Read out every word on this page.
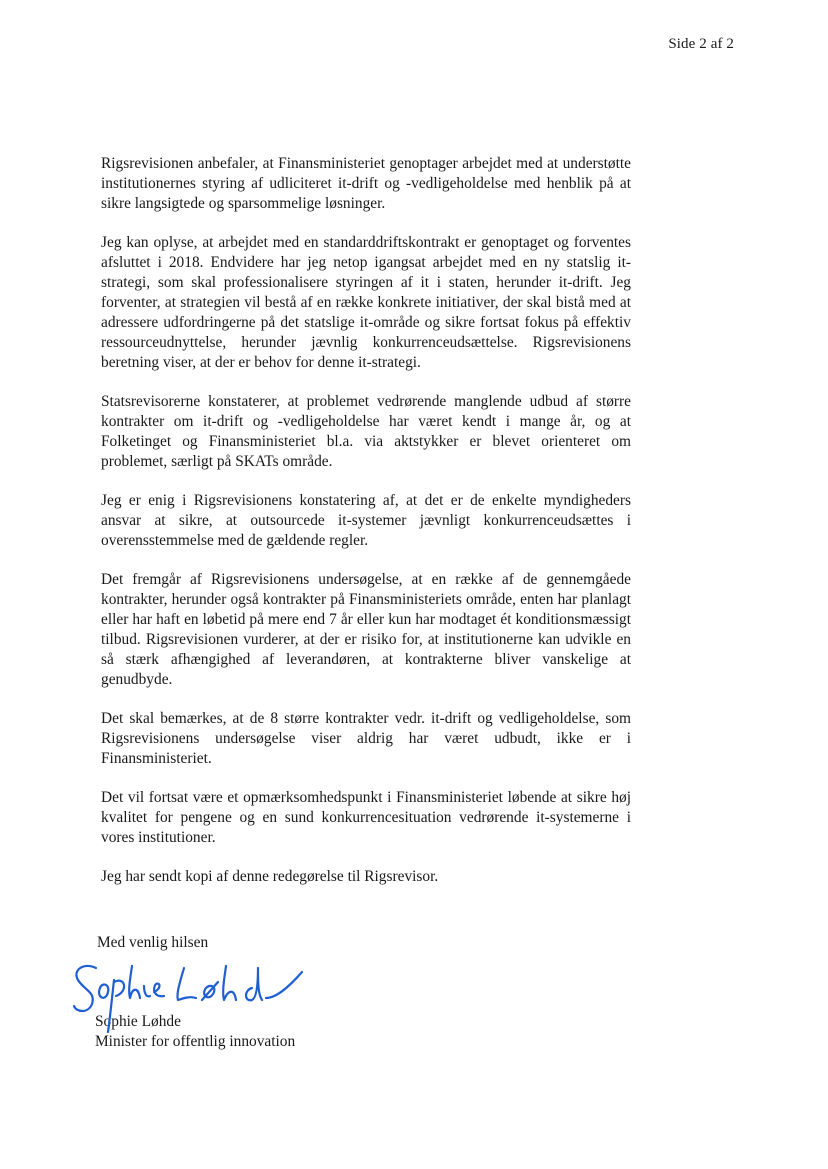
Side 2 af 2

Rigsrevisionen anbefaler, at Finansministeriet genoptager arbejdet med at understøtte institutionernes styring af udliciteret it-drift og -vedligeholdelse med henblik på at sikre langsigtede og sparsommelige løsninger.

Jeg kan oplyse, at arbejdet med en standarddriftskontrakt er genoptaget og forventes afsluttet i 2018. Endvidere har jeg netop igangsat arbejdet med en ny statslig it-strategi, som skal professionalisere styringen af it i staten, herunder it-drift. Jeg forventer, at strategien vil bestå af en række konkrete initiativer, der skal bistå med at adressere udfordringerne på det statslige it-område og sikre fortsat fokus på effektiv ressourceudnyttelse, herunder jævnlig konkurrenceudsættelse. Rigsrevisionens beretning viser, at der er behov for denne it-strategi.

Statsrevisorerne konstaterer, at problemet vedrørende manglende udbud af større kontrakter om it-drift og -vedligeholdelse har været kendt i mange år, og at Folketinget og Finansministeriet bl.a. via aktstykker er blevet orienteret om problemet, særligt på SKATs område.

Jeg er enig i Rigsrevisionens konstatering af, at det er de enkelte myndigheders ansvar at sikre, at outsourcede it-systemer jævnligt konkurrenceudsættes i overensstemmelse med de gældende regler.

Det fremgår af Rigsrevisionens undersøgelse, at en række af de gennemgåede kontrakter, herunder også kontrakter på Finansministeriets område, enten har planlagt eller har haft en løbetid på mere end 7 år eller kun har modtaget ét konditionsmæssigt tilbud. Rigsrevisionen vurderer, at der er risiko for, at institutionerne kan udvikle en så stærk afhængighed af leverandøren, at kontrakterne bliver vanskelige at genudbyde.

Det skal bemærkes, at de 8 større kontrakter vedr. it-drift og vedligeholdelse, som Rigsrevisionens undersøgelse viser aldrig har været udbudt, ikke er i Finansministeriet.

Det vil fortsat være et opmærksomhedspunkt i Finansministeriet løbende at sikre høj kvalitet for pengene og en sund konkurrencesituation vedrørende it-systemerne i vores institutioner.

Jeg har sendt kopi af denne redegørelse til Rigsrevisor.

Med venlig hilsen

Sophie Løhde
Minister for offentlig innovation
